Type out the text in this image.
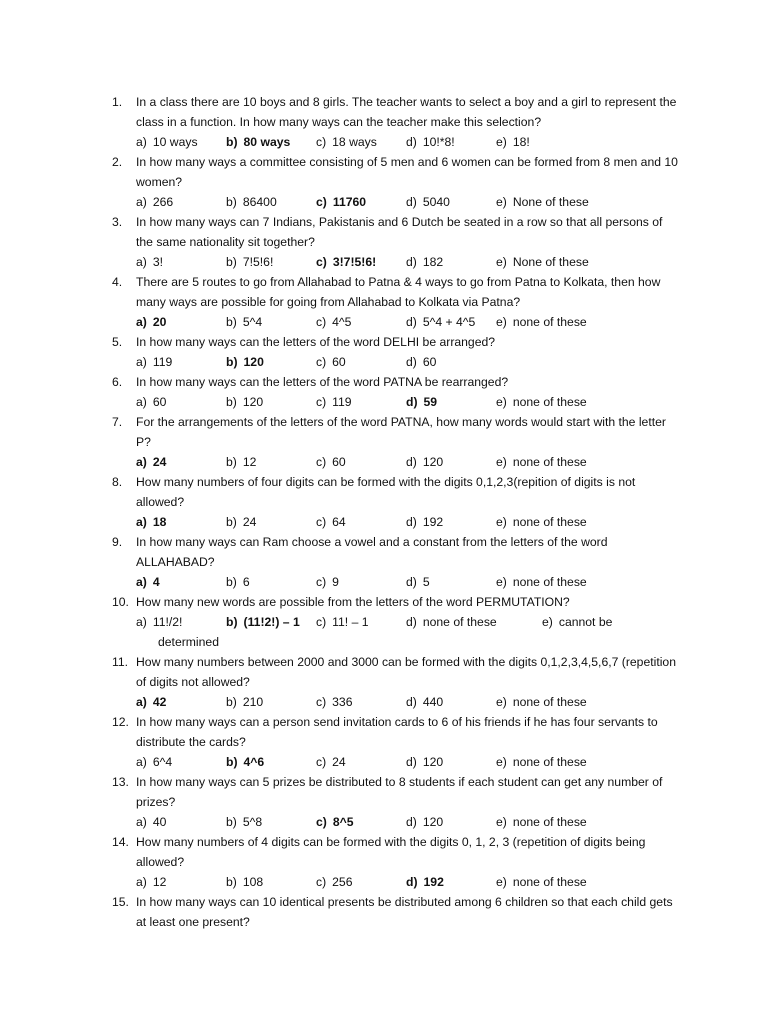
1.	In a class there are 10 boys and 8 girls. The teacher wants to select a boy and a girl to represent the class in a function. In how many ways can the teacher make this selection?
a) 10 ways b) 80 ways c) 18 ways d) 10!*8!	e) 18!
2.	In how many ways a committee consisting of 5 men and 6 women can be formed from 8 men and 10 women?
a) 266	b) 86400	c) 11760	d) 5040	e) None of these
3.	In how many ways can 7 Indians, Pakistanis and 6 Dutch be seated in a row so that all persons of the same nationality sit together?
a) 3!	b) 7!5!6!	c) 3!7!5!6! d) 182	e) None of these
4.	There are 5 routes to go from Allahabad to Patna & 4 ways to go from Patna to Kolkata, then how many ways are possible for going from Allahabad to Kolkata via Patna?
a) 20	b) 5^4	c) 4^5	d) 5^4 + 4^5 e) none of these
5.	In how many ways can the letters of the word DELHI be arranged?
a) 119	b) 120	c) 60	d) 60
6.	In how many ways can the letters of the word PATNA be rearranged?
a) 60	b) 120	c) 119	d) 59	e) none of these
7.	For the arrangements of the letters of the word PATNA, how many words would start with the letter P?
a) 24	b) 12	c) 60	d) 120	e) none of these
8.	How many numbers of four digits can be formed with the digits 0,1,2,3(repition of digits is not allowed?
a) 18	b) 24	c) 64	d) 192	e) none of these
9.	In how many ways can Ram choose a vowel and a constant from the letters of the word ALLAHABAD?
a) 4	b) 6	c) 9	d) 5	e) none of these
10. How many new words are possible from the letters of the word PERMUTATION?
a) 11!/2!	b) (11!2!) – 1 c) 11! – 1	d) none of these	e) cannot be
determined
11. How many numbers between 2000 and 3000 can be formed with the digits 0,1,2,3,4,5,6,7 (repetition of digits not allowed?
a) 42	b) 210	c) 336	d) 440	e) none of these
12. In how many ways can a person send invitation cards to 6 of his friends if he has four servants to distribute the cards?
a) 6^4	b) 4^6	c) 24	d) 120	e) none of these
13. In how many ways can 5 prizes be distributed to 8 students if each student can get any number of prizes?
a) 40	b) 5^8	c) 8^5	d) 120	e) none of these
14. How many numbers of 4 digits can be formed with the digits 0, 1, 2, 3 (repetition of digits being allowed?
a) 12	b) 108	c) 256	d) 192	e) none of these
15. In how many ways can 10 identical presents be distributed among 6 children so that each child gets at least one present?
